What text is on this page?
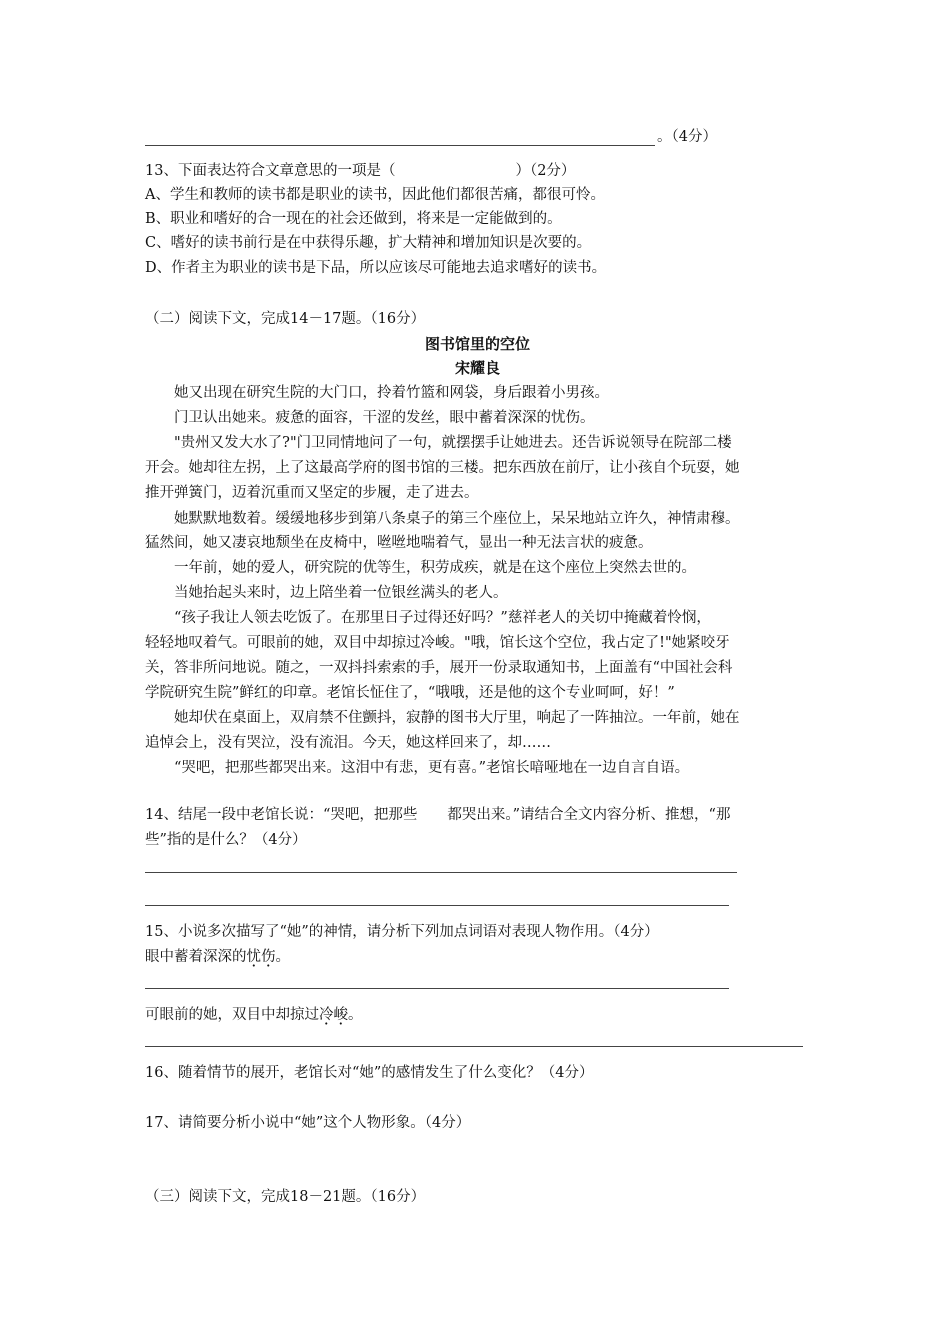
。（4分）
13、下面表达符合文章意思的一项是（	）（2分）
A、学生和教师的读书都是职业的读书，因此他们都很苦痛，都很可怜。
B、职业和嗜好的合一现在的社会还做到，将来是一定能做到的。
C、嗜好的读书前行是在中获得乐趣，扩大精神和增加知识是次要的。
D、作者主为职业的读书是下品，所以应该尽可能地去追求嗜好的读书。
（二）阅读下文，完成14－17题。（16分）
图书馆里的空位
宋耀良
她又出现在研究生院的大门口，拎着竹篮和网袋，身后跟着小男孩。
门卫认出她来。疲惫的面容，干涩的发丝，眼中蓄着深深的忧伤。
"贵州又发大水了?"门卫同情地问了一句，就摆摆手让她进去。还告诉说领导在院部二楼
开会。她却往左拐，上了这最高学府的图书馆的三楼。把东西放在前厅，让小孩自个玩耍，她
推开弹簧门，迈着沉重而又坚定的步履，走了进去。
她默默地数着。缓缓地移步到第八条桌子的第三个座位上，呆呆地站立许久，神情肃穆。
猛然间，她又凄哀地颓坐在皮椅中，咝咝地喘着气，显出一种无法言状的疲惫。
一年前，她的爱人，研究院的优等生，积劳成疾，就是在这个座位上突然去世的。
当她抬起头来时，边上陪坐着一位银丝满头的老人。
“孩子我让人领去吃饭了。在那里日子过得还好吗？”慈祥老人的关切中掩藏着怜悯，
轻轻地叹着气。可眼前的她，双目中却掠过冷峻。"哦，馆长这个空位，我占定了!"她紧咬牙
关，答非所问地说。随之，一双抖抖索索的手，展开一份录取通知书，上面盖有“中国社会科
学院研究生院”鲜红的印章。老馆长怔住了，“哦哦，还是他的这个专业呵呵，好！”
她却伏在桌面上，双肩禁不住颤抖，寂静的图书大厅里，响起了一阵抽泣。一年前，她在
追悼会上，没有哭泣，没有流泪。今天，她这样回来了，却……
“哭吧，把那些都哭出来。这泪中有悲，更有喜。”老馆长喑哑地在一边自言自语。
14、结尾一段中老馆长说：“哭吧，把那些 都哭出来。”请结合全文内容分析、推想，“那
些”指的是什么？（4分）
15、小说多次描写了“她”的神情，请分析下列加点词语对表现人物作用。（4分）
眼中蓄着深深的忧伤。
可眼前的她，双目中却掠过冷峻。
16、随着情节的展开，老馆长对“她”的感情发生了什么变化？（4分）
17、请简要分析小说中“她”这个人物形象。（4分）
（三）阅读下文，完成18－21题。（16分）
